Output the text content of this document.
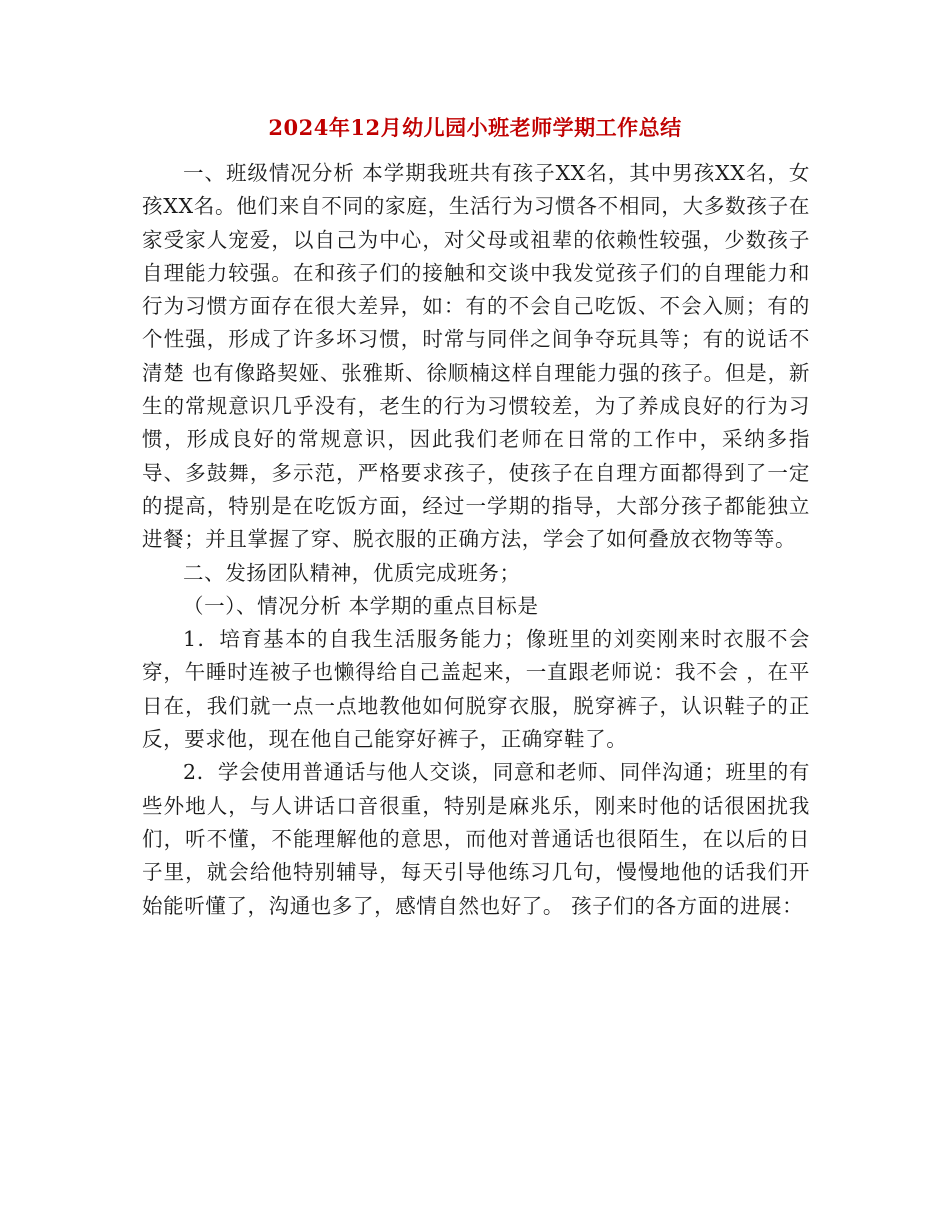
2024年12月幼儿园小班老师学期工作总结

一、班级情况分析 本学期我班共有孩子XX名，其中男孩XX名，女孩XX名。他们来自不同的家庭，生活行为习惯各不相同，大多数孩子在家受家人宠爱，以自己为中心，对父母或祖辈的依赖性较强，少数孩子自理能力较强。在和孩子们的接触和交谈中我发觉孩子们的自理能力和行为习惯方面存在很大差异，如：有的不会自己吃饭、不会入厕；有的个性强，形成了许多坏习惯，时常与同伴之间争夺玩具等；有的说话不清楚 也有像路契娅、张雅斯、徐顺楠这样自理能力强的孩子。但是，新生的常规意识几乎没有，老生的行为习惯较差，为了养成良好的行为习惯，形成良好的常规意识，因此我们老师在日常的工作中，采纳多指导、多鼓舞，多示范，严格要求孩子，使孩子在自理方面都得到了一定的提高，特别是在吃饭方面，经过一学期的指导，大部分孩子都能独立进餐；并且掌握了穿、脱衣服的正确方法，学会了如何叠放衣物等等。

二、发扬团队精神，优质完成班务；

（一）、情况分析 本学期的重点目标是

1．培育基本的自我生活服务能力；像班里的刘奕刚来时衣服不会穿，午睡时连被子也懒得给自己盖起来，一直跟老师说：我不会 ，在平日在，我们就一点一点地教他如何脱穿衣服，脱穿裤子，认识鞋子的正反，要求他，现在他自己能穿好裤子，正确穿鞋了。

2．学会使用普通话与他人交谈，同意和老师、同伴沟通；班里的有些外地人，与人讲话口音很重，特别是麻兆乐，刚来时他的话很困扰我们，听不懂，不能理解他的意思，而他对普通话也很陌生，在以后的日子里，就会给他特别辅导，每天引导他练习几句，慢慢地他的话我们开始能听懂了，沟通也多了，感情自然也好了。 孩子们的各方面的进展：
